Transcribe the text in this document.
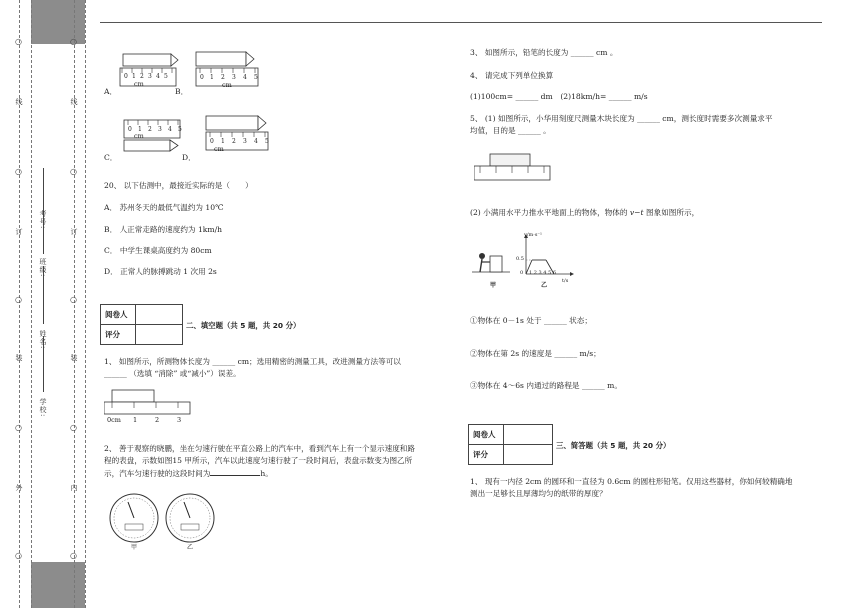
○
○
○
○
○
○
○
○
○
○
线
订
装
外	内
线
订
装
学校:
姓名:
班级:
考号:
A．	B．
C．	D．
0 1 2 3 4 5
cm
0 1 2 3 4 5
cm
0 1 2 3 4 5
cm
0 1 2 3 4 5
cm
20、 以下估测中，最接近实际的是（　　）
A． 苏州冬天的最低气温约为 10℃
B． 人正常走路的速度约为 1km/h
C． 中学生课桌高度约为 80cm
D． 正常人的脉搏跳动 1 次用 2s
阅卷人	
评分	
二、填空题（共 5 题，共 20 分）
1、 如图所示，所测物体长度为 ______ cm；选用精密的测量工具，改进测量方法等可以
______ （选填 “消除” 或“减小”）误差。
0cm 1	2	3
2、 善于观察的晓鹏，坐在匀速行驶在平直公路上的汽车中，看到汽车上有一个显示速度和路
程的表盘，示数如图15 甲所示，汽车以此速度匀速行驶了一段时间后，表盘示数变为图乙所
示，汽车匀速行驶的这段时间为	h。
甲	乙
3、 如图所示，铅笔的长度为 ______ cm 。
4、 请完成下列单位换算
(1)100cm= ______ dm　(2)18km/h= ______ m/s
5、 (1) 如图所示，小华用刻度尺测量木块长度为 ______ cm，测长度时需要多次测量求平
均值，目的是 ______ 。
(2) 小满用水平力推水平地面上的物体，物体的 v−t 图象如图所示，
v/m·s⁻¹
0.5
0 1 2 3 4 5 6
t/s
甲	乙
①物体在 0－1s 处于 ______ 状态；
②物体在第 2s 的速度是 ______ m/s；
③物体在 4～6s 内通过的路程是 ______ m。
阅卷人	
评分	
三、简答题（共 5 题，共 20 分）
1、 现有一内径 2cm 的圆环和一直径为 0.6cm 的圆柱形铅笔。仅用这些器材，你如何较精确地
测出一足够长且厚薄均匀的纸带的厚度？
